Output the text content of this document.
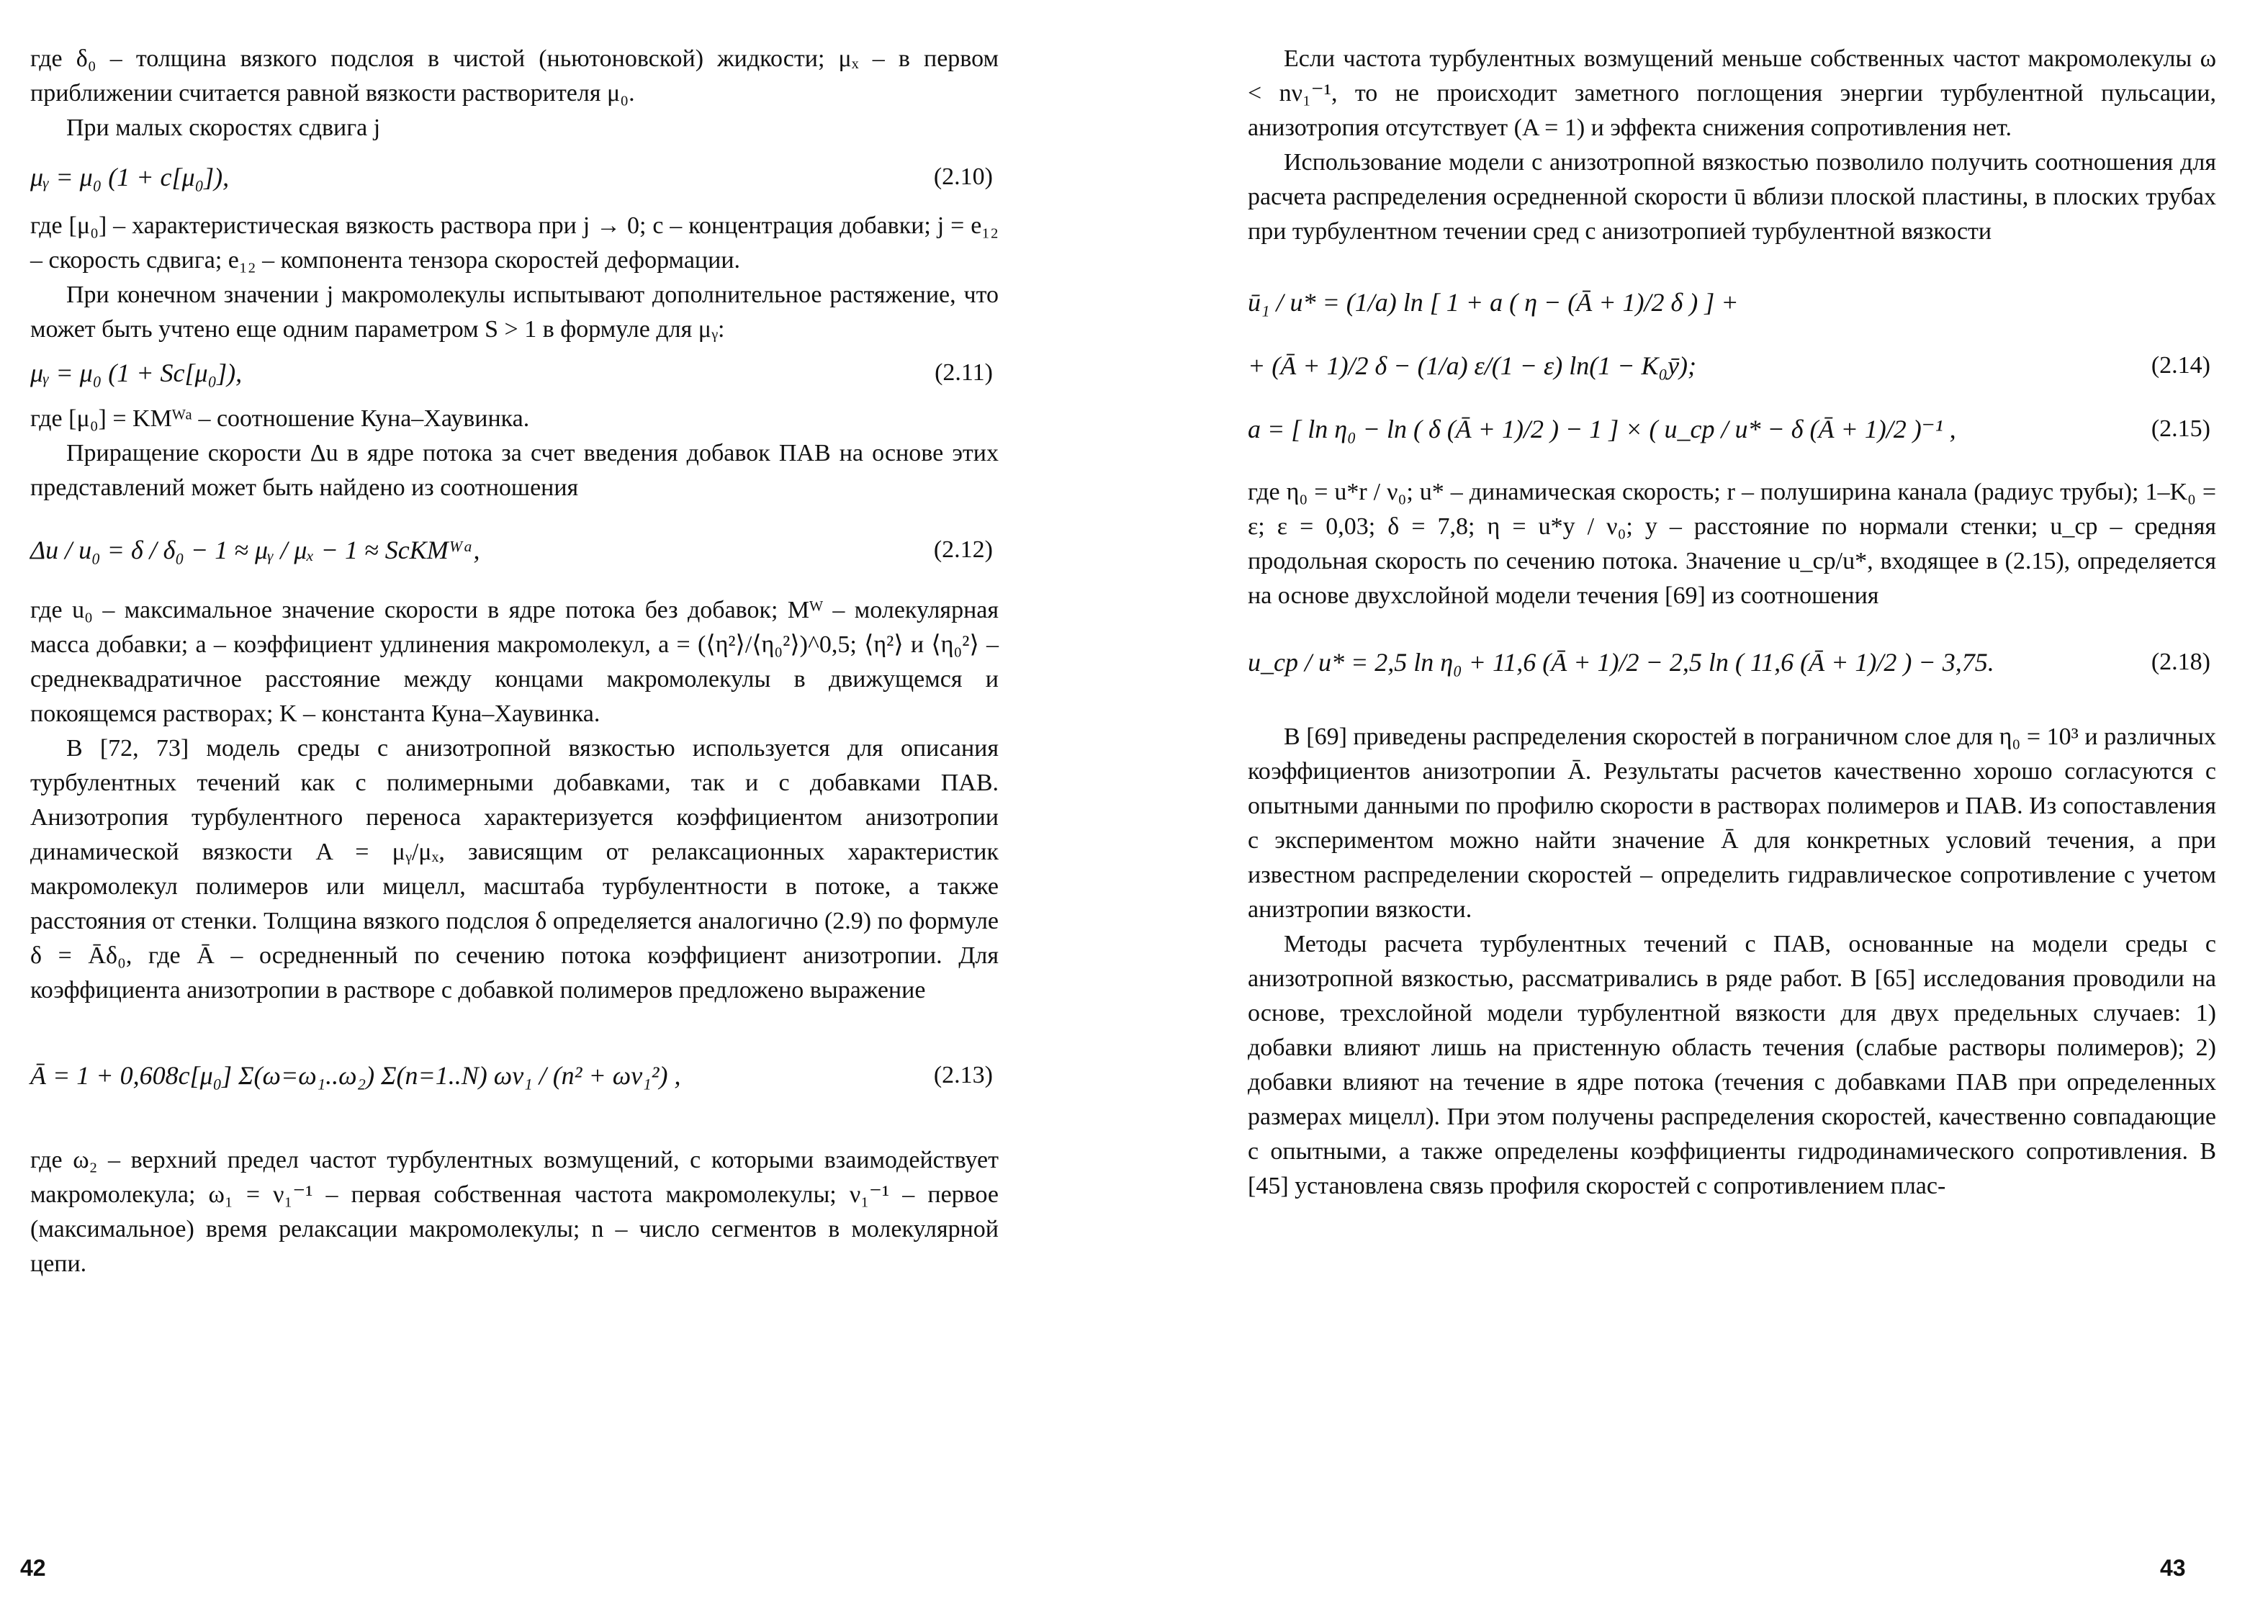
где δ₀ – толщина вязкого подслоя в чистой (ньютоновской) жидкости; μₓ – в первом приближении считается равной вязкости растворителя μ₀.

При малых скоростях сдвига j

μᵧ = μ₀ (1 + c[μ₀]),	(2.10)

где [μ₀] – характеристическая вязкость раствора при j → 0; c – концентрация добавки; j = e₁₂ – скорость сдвига; e₁₂ – компонента тензора скоростей деформации.

При конечном значении j макромолекулы испытывают дополнительное растяжение, что может быть учтено еще одним параметром S > 1 в формуле для μᵧ:

μᵧ = μ₀ (1 + Sc[μ₀]),	(2.11)

где [μ₀] = KMᵂᵃ – соотношение Куна–Хаувинка.

Приращение скорости Δu в ядре потока за счет введения добавок ПАВ на основе этих представлений может быть найдено из соотношения

Δu / u₀ = δ / δ₀ − 1 ≈ μᵧ / μₓ − 1 ≈ ScKMᵂᵃ,	(2.12)

где u₀ – максимальное значение скорости в ядре потока без добавок; Mᵂ – молекулярная масса добавки; a – коэффициент удлинения макромолекул, a = (⟨η²⟩/⟨η₀²⟩)^0,5; ⟨η²⟩ и ⟨η₀²⟩ – среднеквадратичное расстояние между концами макромолекулы в движущемся и покоящемся растворах; K – константа Куна–Хаувинка.

В [72, 73] модель среды с анизотропной вязкостью используется для описания турбулентных течений как с полимерными добавками, так и с добавками ПАВ. Анизотропия турбулентного переноса характеризуется коэффициентом анизотропии динамической вязкости A = μᵧ/μₓ, зависящим от релаксационных характеристик макромолекул полимеров или мицелл, масштаба турбулентности в потоке, а также расстояния от стенки. Толщина вязкого подслоя δ определяется аналогично (2.9) по формуле δ = Āδ₀, где Ā – осредненный по сечению потока коэффициент анизотропии. Для коэффициента анизотропии в растворе с добавкой полимеров предложено выражение

Ā = 1 + 0,608c[μ₀] Σ(ω=ω₁..ω₂) Σ(n=1..N) ων₁ / (n² + ων₁²) ,	(2.13)

где ω₂ – верхний предел частот турбулентных возмущений, с которыми взаимодействует макромолекула; ω₁ = ν₁⁻¹ – первая собственная частота макромолекулы; ν₁⁻¹ – первое (максимальное) время релаксации макромолекулы; n – число сегментов в молекулярной цепи.

42

Если частота турбулентных возмущений меньше собственных частот макромолекулы ω < nν₁⁻¹, то не происходит заметного поглощения энергии турбулентной пульсации, анизотропия отсутствует (A = 1) и эффекта снижения сопротивления нет.

Использование модели с анизотропной вязкостью позволило получить соотношения для расчета распределения осредненной скорости ū вблизи плоской пластины, в плоских трубах при турбулентном течении сред с анизотропией турбулентной вязкости

ū₁ / u* = (1/a) ln [ 1 + a ( η − (Ā + 1)/2 δ ) ] +
+ (Ā + 1)/2 δ − (1/a) ε/(1 − ε) ln(1 − K₀ȳ);	(2.14)
a = [ ln η₀ − ln ( δ (Ā + 1)/2 ) − 1 ] × ( u_cp / u* − δ (Ā + 1)/2 )⁻¹ ,	(2.15)

где η₀ = u*r / ν₀; u* – динамическая скорость; r – полуширина канала (радиус трубы); 1–K₀ = ε; ε = 0,03; δ = 7,8; η = u*y / ν₀; y – расстояние по нормали стенки; u_cp – средняя продольная скорость по сечению потока. Значение u_cp/u*, входящее в (2.15), определяется на основе двухслойной модели течения [69] из соотношения

u_cp / u* = 2,5 ln η₀ + 11,6 (Ā + 1)/2 − 2,5 ln ( 11,6 (Ā + 1)/2 ) − 3,75.	(2.18)

В [69] приведены распределения скоростей в пограничном слое для η₀ = 10³ и различных коэффициентов анизотропии Ā. Результаты расчетов качественно хорошо согласуются с опытными данными по профилю скорости в растворах полимеров и ПАВ. Из сопоставления с экспериментом можно найти значение Ā для конкретных условий течения, а при известном распределении скоростей – определить гидравлическое сопротивление с учетом анизтропии вязкости.

Методы расчета турбулентных течений с ПАВ, основанные на модели среды с анизотропной вязкостью, рассматривались в ряде работ. В [65] исследования проводили на основе, трехслойной модели турбулентной вязкости для двух предельных случаев: 1) добавки влияют лишь на пристенную область течения (слабые растворы полимеров); 2) добавки влияют на течение в ядре потока (течения с добавками ПАВ при определенных размерах мицелл). При этом получены распределения скоростей, качественно совпадающие с опытными, а также определены коэффициенты гидродинамического сопротивления. В [45] установлена связь профиля скоростей с сопротивлением плас-

43
